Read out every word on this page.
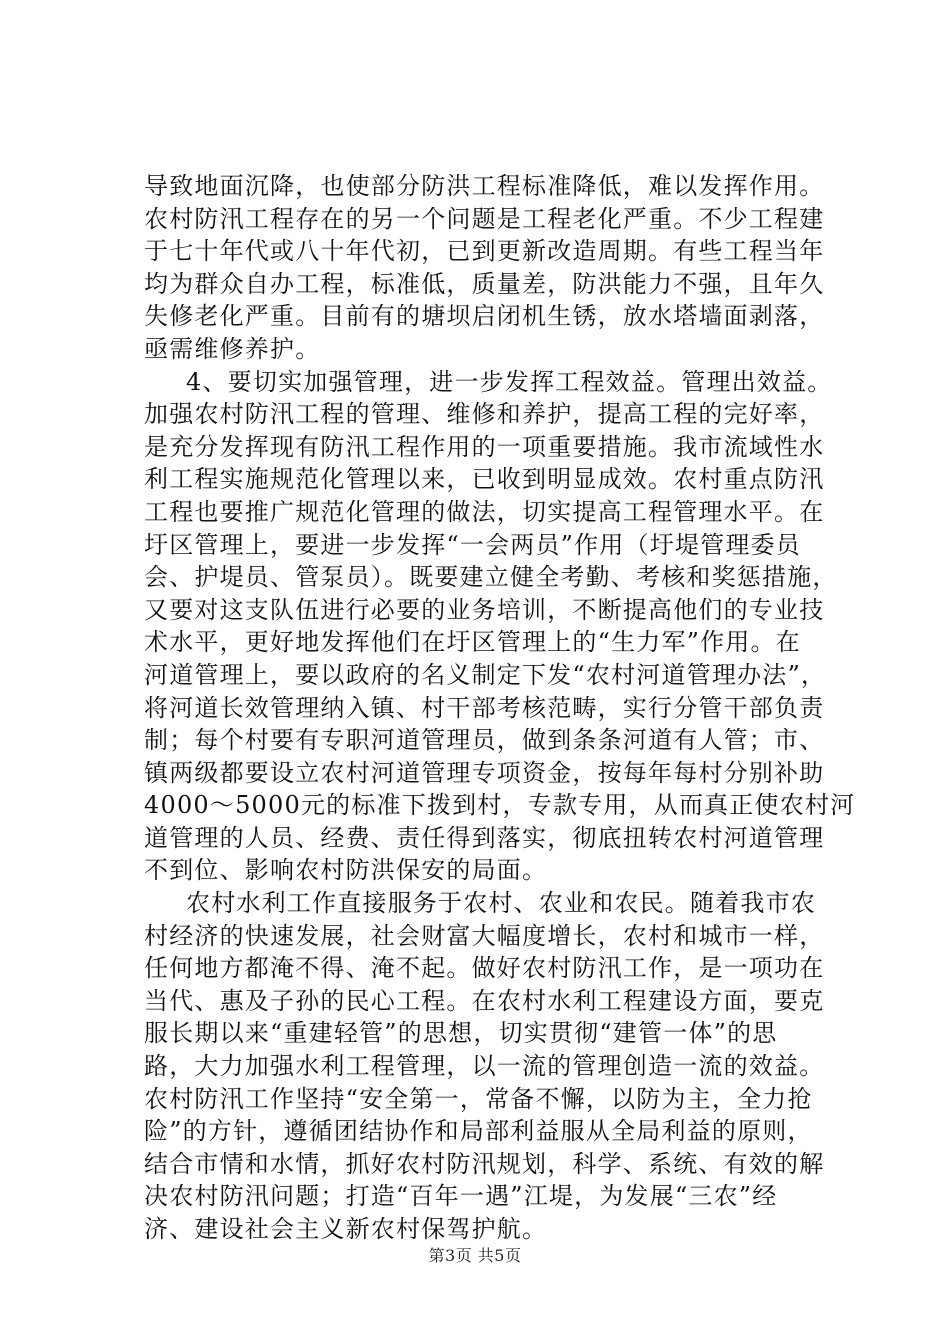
导致地面沉降，也使部分防洪工程标准降低，难以发挥作用。
农村防汛工程存在的另一个问题是工程老化严重。不少工程建
于七十年代或八十年代初，已到更新改造周期。有些工程当年
均为群众自办工程，标准低，质量差，防洪能力不强，且年久
失修老化严重。目前有的塘坝启闭机生锈，放水塔墙面剥落，
亟需维修养护。
4、要切实加强管理，进一步发挥工程效益。管理出效益。
加强农村防汛工程的管理、维修和养护，提高工程的完好率，
是充分发挥现有防汛工程作用的一项重要措施。我市流域性水
利工程实施规范化管理以来，已收到明显成效。农村重点防汛
工程也要推广规范化管理的做法，切实提高工程管理水平。在
圩区管理上，要进一步发挥“一会两员”作用（圩堤管理委员
会、护堤员、管泵员）。既要建立健全考勤、考核和奖惩措施，
又要对这支队伍进行必要的业务培训，不断提高他们的专业技
术水平，更好地发挥他们在圩区管理上的“生力军”作用。在
河道管理上，要以政府的名义制定下发“农村河道管理办法”，
将河道长效管理纳入镇、村干部考核范畴，实行分管干部负责
制；每个村要有专职河道管理员，做到条条河道有人管；市、
镇两级都要设立农村河道管理专项资金，按每年每村分别补助
4000～5000元的标准下拨到村，专款专用，从而真正使农村河
道管理的人员、经费、责任得到落实，彻底扭转农村河道管理
不到位、影响农村防洪保安的局面。
农村水利工作直接服务于农村、农业和农民。随着我市农
村经济的快速发展，社会财富大幅度增长，农村和城市一样，
任何地方都淹不得、淹不起。做好农村防汛工作，是一项功在
当代、惠及子孙的民心工程。在农村水利工程建设方面，要克
服长期以来“重建轻管”的思想，切实贯彻“建管一体”的思
路，大力加强水利工程管理，以一流的管理创造一流的效益。
农村防汛工作坚持“安全第一，常备不懈，以防为主，全力抢
险”的方针，遵循团结协作和局部利益服从全局利益的原则，
结合市情和水情，抓好农村防汛规划，科学、系统、有效的解
决农村防汛问题；打造“百年一遇”江堤，为发展“三农”经
济、建设社会主义新农村保驾护航。
第3页 共5页
